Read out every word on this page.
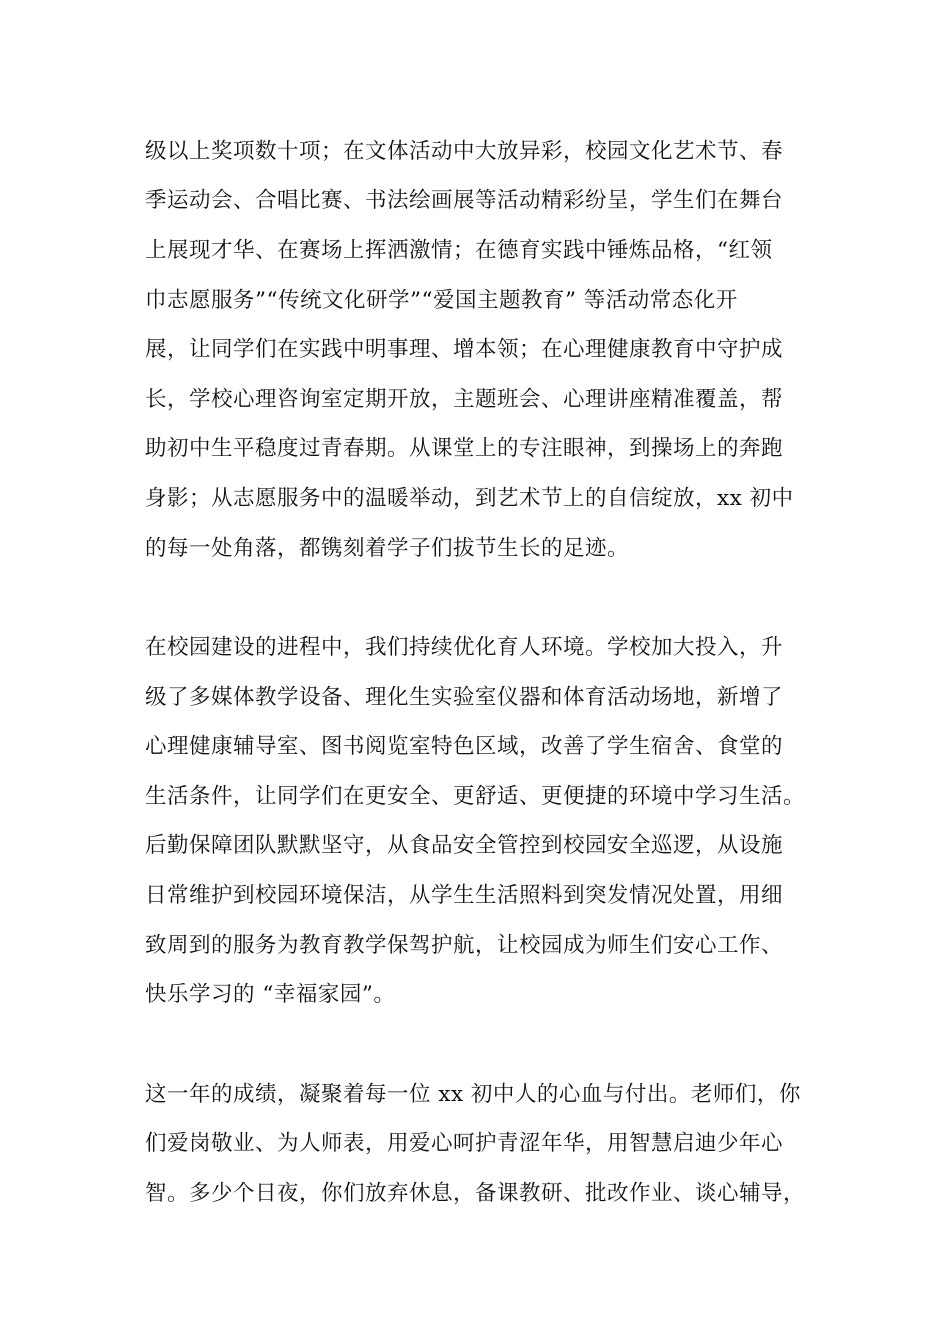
级以上奖项数十项；在文体活动中大放异彩，校园文化艺术节、春
季运动会、合唱比赛、书法绘画展等活动精彩纷呈，学生们在舞台
上展现才华、在赛场上挥洒激情；在德育实践中锤炼品格，“红领
巾志愿服务”“传统文化研学”“爱国主题教育” 等活动常态化开
展，让同学们在实践中明事理、增本领；在心理健康教育中守护成
长，学校心理咨询室定期开放，主题班会、心理讲座精准覆盖，帮
助初中生平稳度过青春期。从课堂上的专注眼神，到操场上的奔跑
身影；从志愿服务中的温暖举动，到艺术节上的自信绽放，xx 初中
的每一处角落，都镌刻着学子们拔节生长的足迹。
在校园建设的进程中，我们持续优化育人环境。学校加大投入，升
级了多媒体教学设备、理化生实验室仪器和体育活动场地，新增了
心理健康辅导室、图书阅览室特色区域，改善了学生宿舍、食堂的
生活条件，让同学们在更安全、更舒适、更便捷的环境中学习生活。
后勤保障团队默默坚守，从食品安全管控到校园安全巡逻，从设施
日常维护到校园环境保洁，从学生生活照料到突发情况处置，用细
致周到的服务为教育教学保驾护航，让校园成为师生们安心工作、
快乐学习的 “幸福家园”。
这一年的成绩，凝聚着每一位 xx 初中人的心血与付出。老师们，你
们爱岗敬业、为人师表，用爱心呵护青涩年华，用智慧启迪少年心
智。多少个日夜，你们放弃休息，备课教研、批改作业、谈心辅导，
